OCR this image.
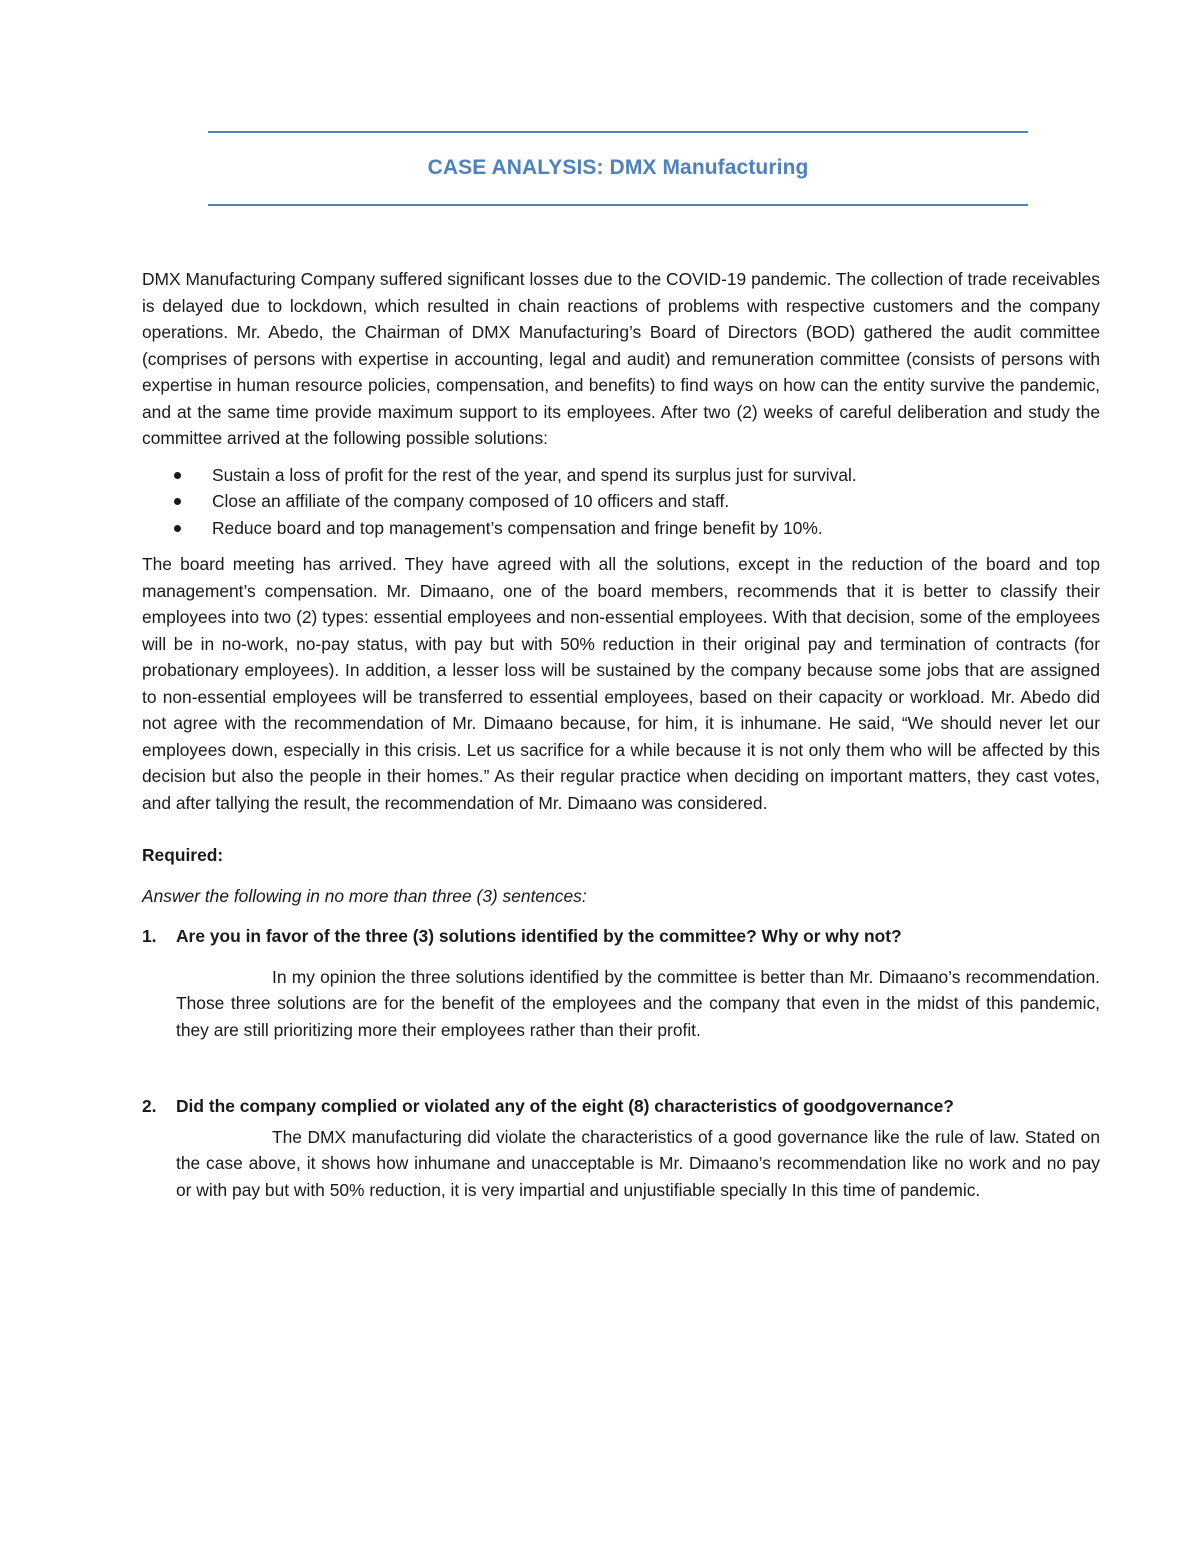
CASE ANALYSIS: DMX Manufacturing

DMX Manufacturing Company suffered significant losses due to the COVID-19 pandemic. The collection of trade receivables is delayed due to lockdown, which resulted in chain reactions of problems with respective customers and the company operations. Mr. Abedo, the Chairman of DMX Manufacturing’s Board of Directors (BOD) gathered the audit committee (comprises of persons with expertise in accounting, legal and audit) and remuneration committee (consists of persons with expertise in human resource policies, compensation, and benefits) to find ways on how can the entity survive the pandemic, and at the same time provide maximum support to its employees. After two (2) weeks of careful deliberation and study the committee arrived at the following possible solutions:

Sustain a loss of profit for the rest of the year, and spend its surplus just for survival.
Close an affiliate of the company composed of 10 officers and staff.
Reduce board and top management’s compensation and fringe benefit by 10%.

The board meeting has arrived. They have agreed with all the solutions, except in the reduction of the board and top management’s compensation. Mr. Dimaano, one of the board members, recommends that it is better to classify their employees into two (2) types: essential employees and non-essential employees. With that decision, some of the employees will be in no-work, no-pay status, with pay but with 50% reduction in their original pay and termination of contracts (for probationary employees). In addition, a lesser loss will be sustained by the company because some jobs that are assigned to non-essential employees will be transferred to essential employees, based on their capacity or workload. Mr. Abedo did not agree with the recommendation of Mr. Dimaano because, for him, it is inhumane. He said, “We should never let our employees down, especially in this crisis. Let us sacrifice for a while because it is not only them who will be affected by this decision but also the people in their homes.” As their regular practice when deciding on important matters, they cast votes, and after tallying the result, the recommendation of Mr. Dimaano was considered.

Required:

Answer the following in no more than three (3) sentences:

1. Are you in favor of the three (3) solutions identified by the committee? Why or why not?

In my opinion the three solutions identified by the committee is better than Mr. Dimaano’s recommendation. Those three solutions are for the benefit of the employees and the company that even in the midst of this pandemic, they are still prioritizing more their employees rather than their profit.

2. Did the company complied or violated any of the eight (8) characteristics of goodgovernance?

The DMX manufacturing did violate the characteristics of a good governance like the rule of law. Stated on the case above, it shows how inhumane and unacceptable is Mr. Dimaano’s recommendation like no work and no pay or with pay but with 50% reduction, it is very impartial and unjustifiable specially In this time of pandemic.
